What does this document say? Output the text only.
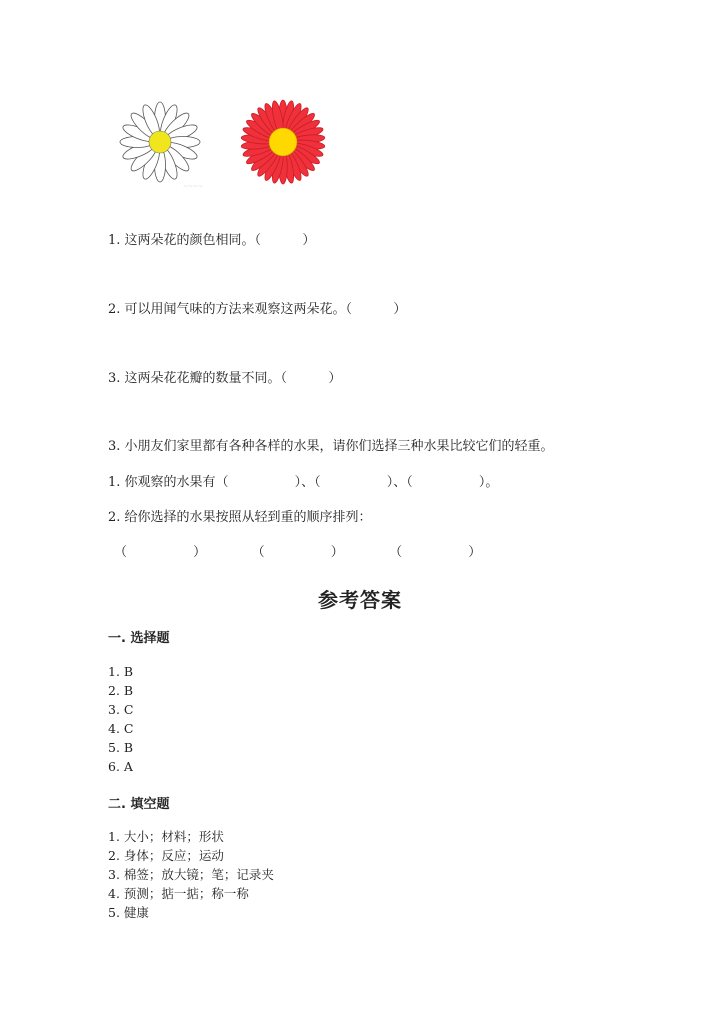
~~~~
1. 这两朵花的颜色相同。（          ）
2. 可以用闻气味的方法来观察这两朵花。（          ）
3. 这两朵花花瓣的数量不同。（          ）
3. 小朋友们家里都有各种各样的水果，请你们选择三种水果比较它们的轻重。
1. 你观察的水果有（                ）、（                ）、（                ）。
2. 给你选择的水果按照从轻到重的顺序排列：
（                ）           （                ）           （                ）
参考答案
一. 选择题
1. B
2. B
3. C
4. C
5. B
6. A
二. 填空题
1. 大小；材料；形状
2. 身体；反应；运动
3. 棉签；放大镜；笔；记录夹
4. 预测；掂一掂；称一称
5. 健康
